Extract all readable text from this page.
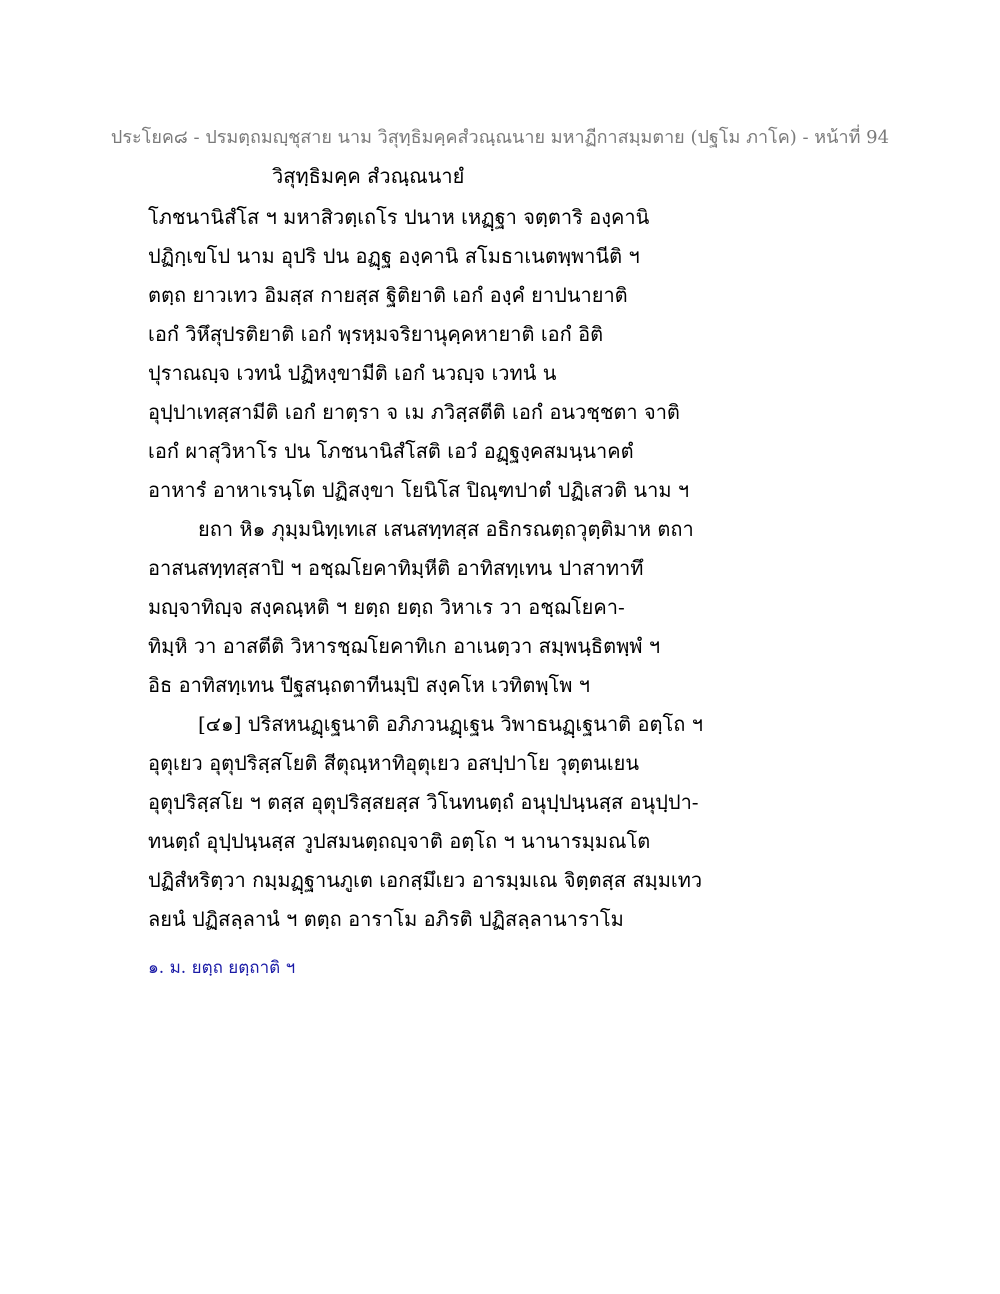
ประโยค๘ - ปรมตฺถมญฺชุสาย นาม วิสุทฺธิมคฺคสํวณฺณนาย มหาฏีกาสมฺมตาย (ปฐโม ภาโค) - หน้าที่ 94
วิสุทฺธิมคฺค สํวณฺณนายํ
โภชนานิสํโส ฯ มหาสิวตฺเถโร ปนาห เหฏฺฐา จตฺตาริ องฺคานิ
ปฏิกฺเขโป นาม อุปริ ปน อฏฺฐ องฺคานิ สโมธาเนตพฺพานีติ ฯ
ตตฺถ ยาวเทว อิมสฺส กายสฺส ฐิติยาติ เอกํ องฺคํ ยาปนายาติ
เอกํ วิหึสุปรติยาติ เอกํ พฺรหฺมจริยานุคฺคหายาติ เอกํ อิติ
ปุราณญฺจ เวทนํ ปฏิหงฺขามีติ เอกํ นวญฺจ เวทนํ น
อุปฺปาเทสฺสามีติ เอกํ ยาตฺรา จ เม ภวิสฺสตีติ เอกํ อนวชฺชตา จาติ
เอกํ ผาสุวิหาโร ปน โภชนานิสํโสติ เอวํ อฏฺฐงฺคสมนฺนาคตํ
อาหารํ อาหาเรนฺโต ปฏิสงฺขา โยนิโส ปิณฺฑปาตํ ปฏิเสวติ นาม ฯ
ยถา หิ๑ ภุมฺมนิทฺเทเส เสนสทฺทสฺส อธิกรณตฺถวุตฺติมาห ตถา
อาสนสทฺทสฺสาปิ ฯ อชฺฌโยคาทิมฺหีติ อาทิสทฺเทน ปาสาทาทึ
มญฺจาทิญฺจ สงฺคณฺหติ ฯ ยตฺถ ยตฺถ วิหาเร วา อชฺฌโยคา-
ทิมฺหิ วา อาสตีติ วิหารชฺฌโยคาทิเก อาเนตฺวา สมฺพนฺธิตพฺพํ ฯ
อิธ อาทิสทฺเทน ปีฐสนฺถตาทีนมฺปิ สงฺคโห เวทิตพฺโพ ฯ
[๔๑] ปริสหนฏฺเฐนาติ อภิภวนฏฺเฐน วิพาธนฏฺเฐนาติ อตฺโถ ฯ
อุตุเยว อุตุปริสฺสโยติ สีตุณฺหาทิอุตุเยว อสปฺปาโย วุตฺตนเยน
อุตุปริสฺสโย ฯ ตสฺส อุตุปริสฺสยสฺส วิโนทนตฺถํ อนุปฺปนฺนสฺส อนุปฺปา-
ทนตฺถํ อุปฺปนฺนสฺส วูปสมนตฺถญฺจาติ อตฺโถ ฯ นานารมฺมณโต
ปฏิสํหริตฺวา กมฺมฏฺฐานภูเต เอกสฺมึเยว อารมฺมเณ จิตฺตสฺส สมฺมเทว
ลยนํ ปฏิสลฺลานํ ฯ ตตฺถ อาราโม อภิรติ ปฏิสลฺลานาราโม
๑. ม. ยตฺถ ยตฺถาติ ฯ
